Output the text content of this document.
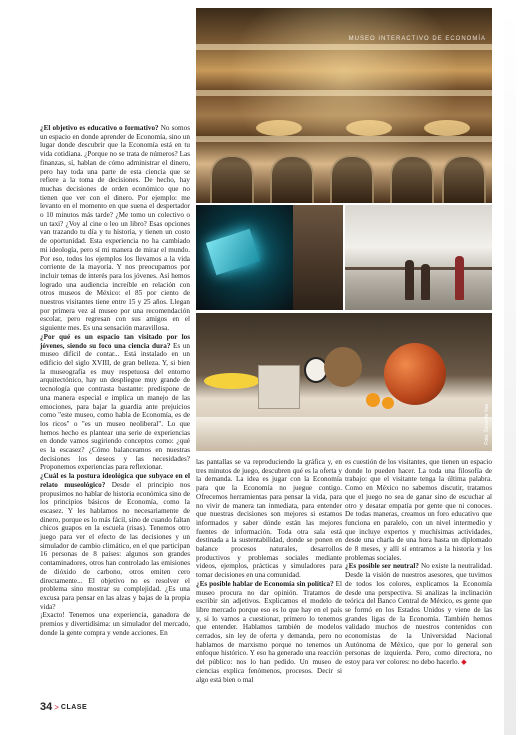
MUSEO INTERACTIVO DE ECONOMÍA
Foto: Gerardo Vas

¿El objetivo es educativo o formativo? No somos un espacio en donde aprender de Economía, sino un lugar donde descubrir que la Economía está en tu vida cotidiana. ¿Porque no se trata de números? Las finanzas, sí, hablan de cómo administrar el dinero, pero hay toda una parte de esta ciencia que se refiere a la toma de decisiones. De hecho, hay muchas decisiones de orden económico que no tienen que ver con el dinero. Por ejemplo: me levanto en el momento en que suena el despertador o 10 minutos más tarde? ¿Me tomo un colectivo o un taxi? ¿Voy al cine o leo un libro? Esas opciones van trazando tu día y tu historia, y tienen un costo de oportunidad. Esta experiencia no ha cambiado mi ideología, pero sí mi manera de mirar el mundo. Por eso, todos los ejemplos los llevamos a la vida corriente de la mayoría. Y nos preocupamos por incluir temas de interés para los jóvenes. Así hemos logrado una audiencia increíble en relación con otros museos de México: el 85 por ciento de nuestros visitantes tiene entre 15 y 25 años. Llegan por primera vez al museo por una recomendación escolar, pero regresan con sus amigos en el siguiente mes. Es una sensación maravillosa.

¿Por qué es un espacio tan visitado por los jóvenes, siendo su foco una ciencia dura? Es un museo difícil de contar... Está instalado en un edificio del siglo XVIII, de gran belleza. Y, si bien la museografía es muy respetuosa del entorno arquitectónico, hay un despliegue muy grande de tecnología que contrasta bastante: predispone de una manera especial e implica un manejo de las emociones, para bajar la guardia ante prejuicios como "este museo, como habla de Economía, es de los ricos" o "es un museo neoliberal". Lo que hemos hecho es plantear una serie de experiencias en donde vamos sugiriendo conceptos como: ¿qué es la escasez? ¿Cómo balanceamos en nuestras decisiones los deseos y las necesidades? Proponemos experiencias para reflexionar.

¿Cuál es la postura ideológica que subyace en el relato museológico? Desde el principio nos propusimos no hablar de historia económica sino de los principios básicos de Economía, como la escasez. Y les hablamos no necesariamente de dinero, porque es lo más fácil, sino de cuando faltan chicos guapos en la escuela (risas). Tenemos otro juego para ver el efecto de las decisiones y un simulador de cambio climático, en el que participan 16 personas de 8 países: algunos son grandes contaminadores, otros han controlado las emisiones de dióxido de carbono, otros emiten cero directamente... El objetivo no es resolver el problema sino mostrar su complejidad. ¿Es una excusa para pensar en las alzas y bajas de la propia vida?

¡Exacto! Tenemos una experiencia, ganadora de premios y divertidísima: un simulador del mercado, donde la gente compra y vende acciones. En

las pantallas se va reproduciendo la gráfica y, en tres minutos de juego, descubren qué es la oferta y la demanda. La idea es jugar con la Economía para que la Economía no juegue contigo. Ofrecemos herramientas para pensar la vida, para no vivir de manera tan inmediata, para entender que nuestras decisiones son mejores si estamos informados y saber dónde están las mejores fuentes de información. Toda otra sala está destinada a la sustentabilidad, donde se ponen en balance procesos naturales, desarrollos productivos y problemas sociales mediante videos, ejemplos, prácticas y simuladores para tomar decisiones en una comunidad.

¿Es posible hablar de Economía sin política? El museo procura no dar opinión. Tratamos de escribir sin adjetivos. Explicamos el modelo de libre mercado porque eso es lo que hay en el país y, si lo vamos a cuestionar, primero lo tenemos que entender. Hablamos también de modelos cerrados, sin ley de oferta y demanda, pero no hablamos de marxismo porque no tenemos un enfoque histórico. Y eso ha generado una reacción del público: nos lo han pedido. Un museo de ciencias explica fenómenos, procesos. Decir si algo está bien o mal

es cuestión de los visitantes, que tienen un espacio donde lo pueden hacer. La toda una filosofía de trabajo: que el visitante tenga la última palabra. Como en México no sabemos discutir, tratamos que el juego no sea de ganar sino de escuchar al otro y desatar empatía por gente que ni conoces. De todas maneras, creamos un foro educativo que funciona en paralelo, con un nivel intermedio y que incluye expertos y muchísimas actividades, desde una charla de una hora hasta un diplomado de 8 meses, y allí sí entramos a la historia y los problemas sociales.

¿Es posible ser neutral? No existe la neutralidad. Desde la visión de nuestros asesores, que tuvimos de todos los colores, explicamos la Economía desde una perspectiva. Si analizas la inclinación teórica del Banco Central de México, es gente que se formó en los Estados Unidos y viene de las grandes ligas de la Economía. También hemos validado muchos de nuestros contenidos con economistas de la Universidad Nacional Autónoma de México, que por lo general son personas de izquierda. Pero, como directora, no estoy para ver colores: no debo hacerlo. ◆

34 > CLASE
